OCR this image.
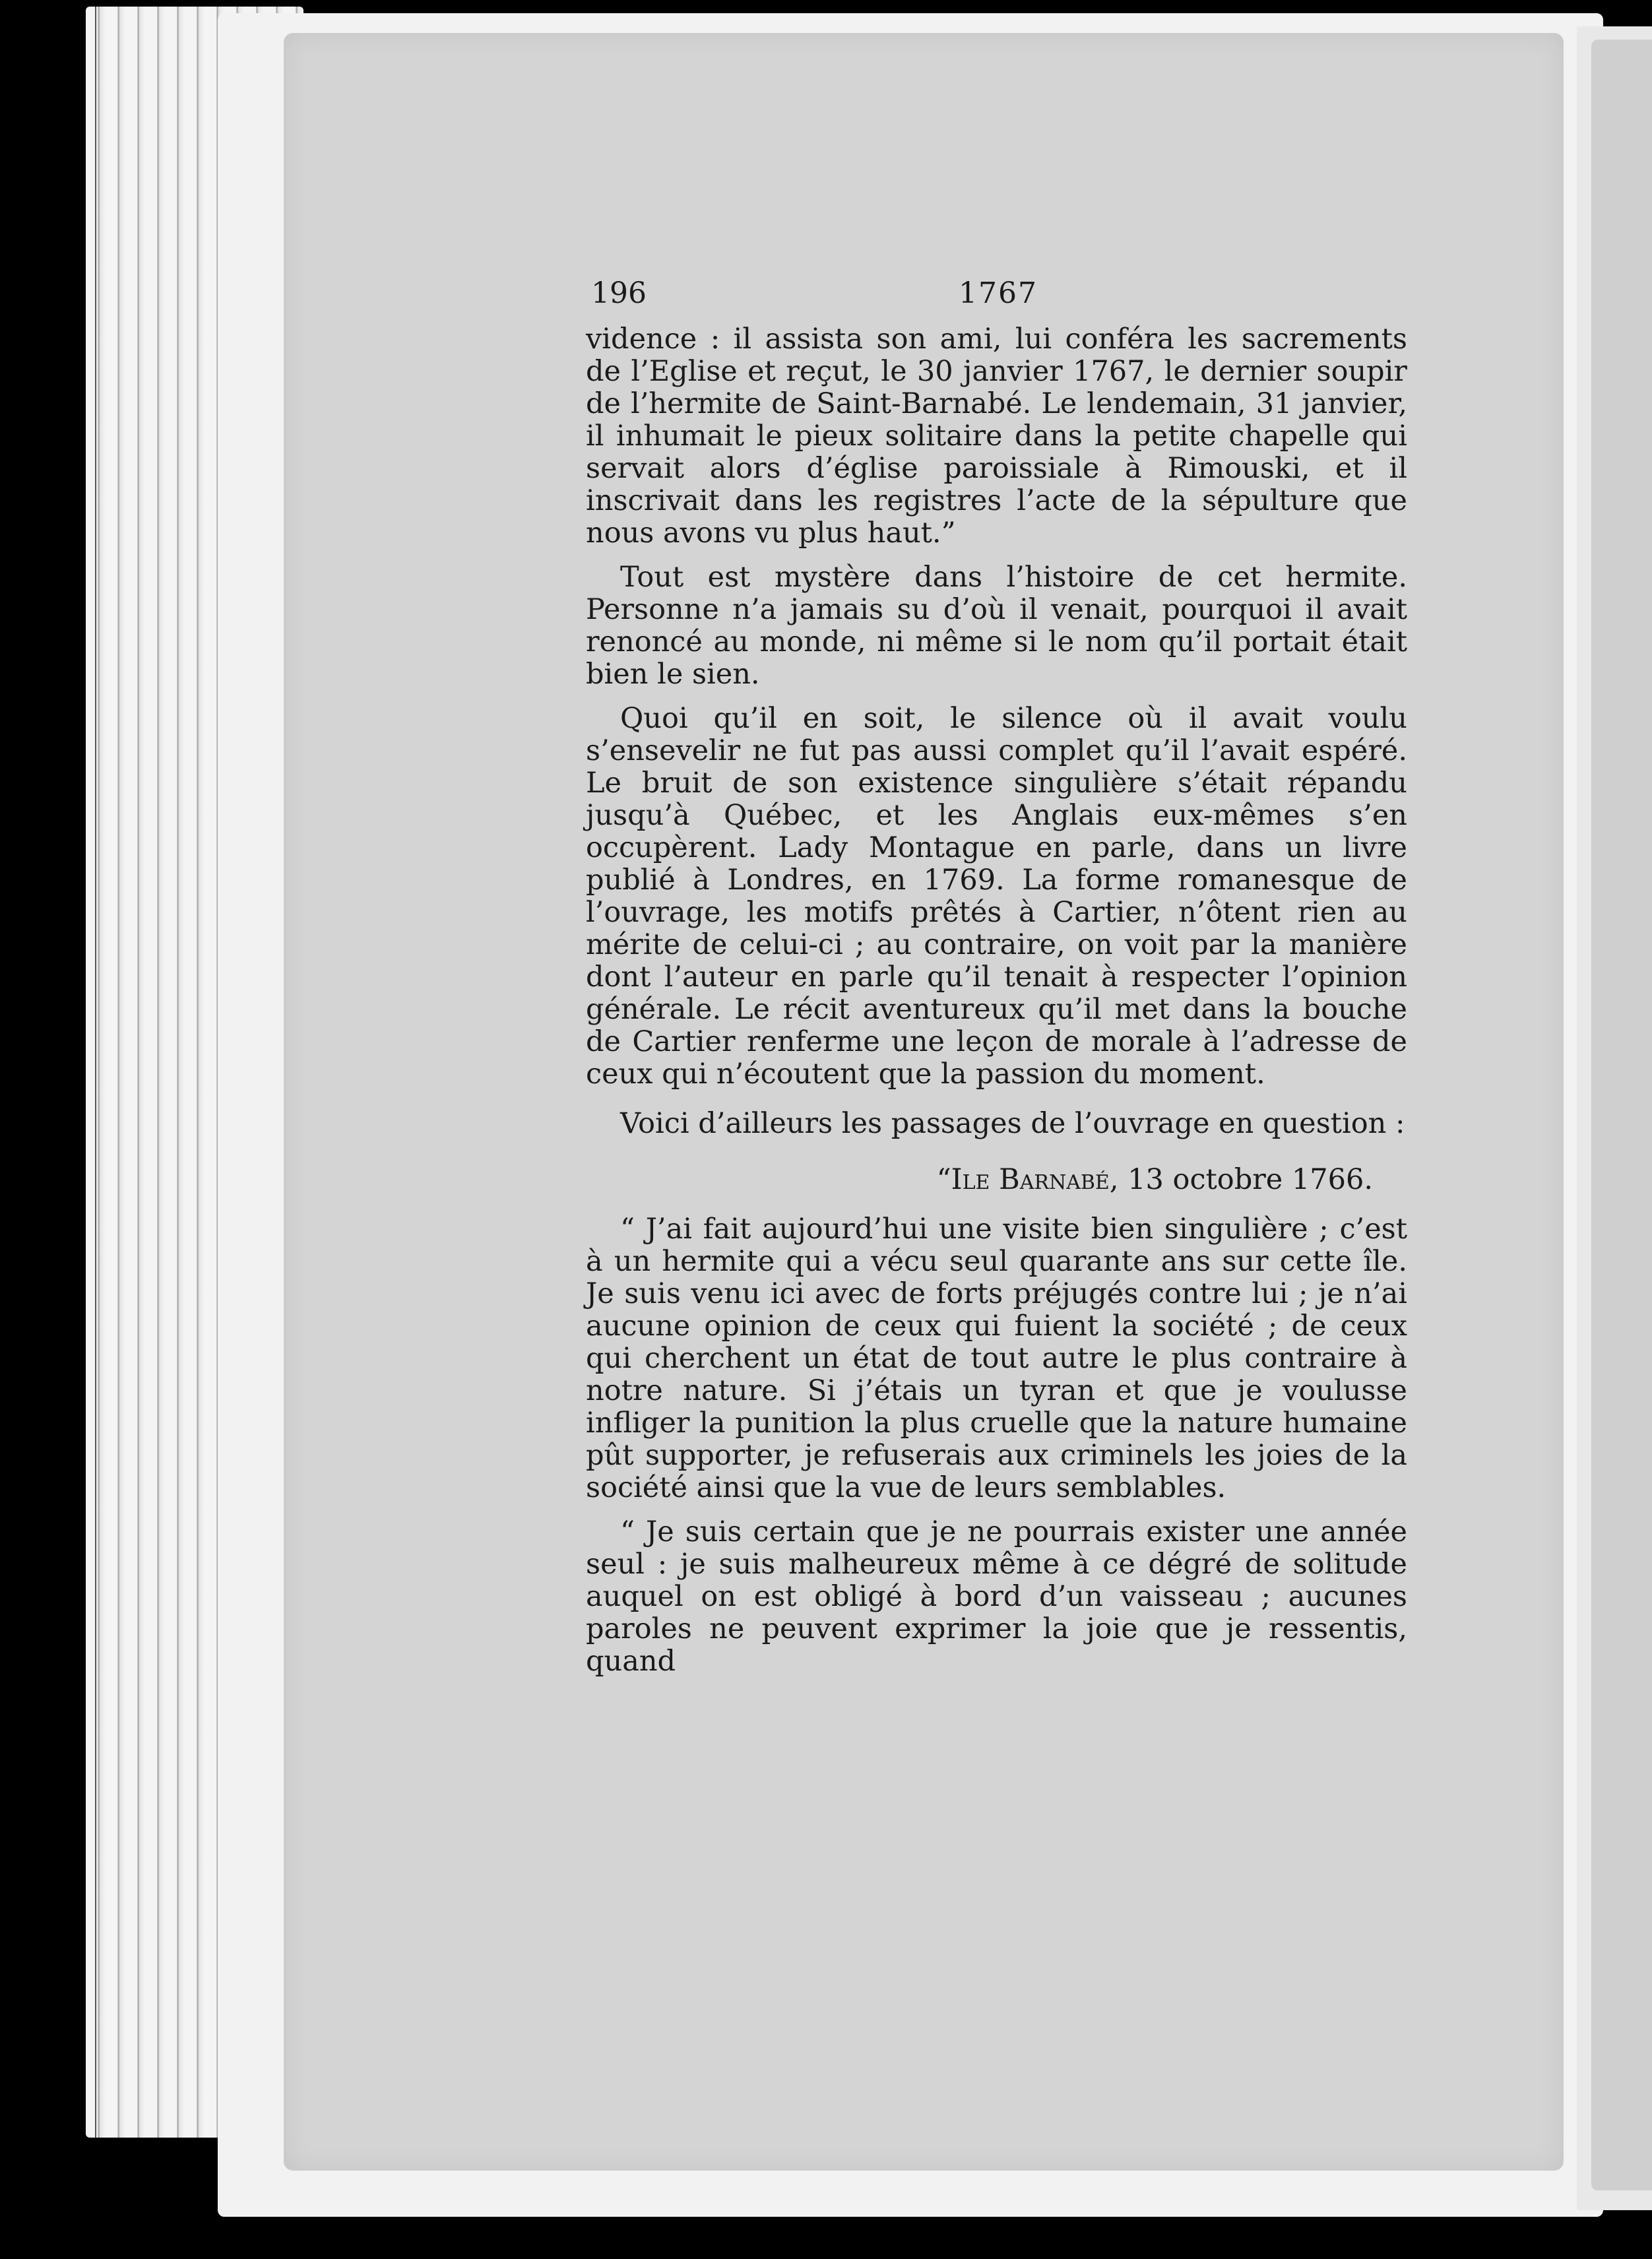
196	1767

vidence : il assista son ami, lui conféra les sacrements de l’Eglise et reçut, le 30 janvier 1767, le dernier soupir de l’hermite de Saint-Barnabé. Le lendemain, 31 janvier, il inhumait le pieux solitaire dans la petite chapelle qui servait alors d’église paroissiale à Rimouski, et il inscrivait dans les registres l’acte de la sépulture que nous avons vu plus haut.”

Tout est mystère dans l’histoire de cet hermite. Personne n’a jamais su d’où il venait, pourquoi il avait renoncé au monde, ni même si le nom qu’il portait était bien le sien.

Quoi qu’il en soit, le silence où il avait voulu s’ensevelir ne fut pas aussi complet qu’il l’avait espéré. Le bruit de son existence singulière s’était répandu jusqu’à Québec, et les Anglais eux-mêmes s’en occupèrent. Lady Montague en parle, dans un livre publié à Londres, en 1769. La forme romanesque de l’ouvrage, les motifs prêtés à Cartier, n’ôtent rien au mérite de celui-ci ; au contraire, on voit par la manière dont l’auteur en parle qu’il tenait à respecter l’opinion générale. Le récit aventureux qu’il met dans la bouche de Cartier renferme une leçon de morale à l’adresse de ceux qui n’écoutent que la passion du moment.

Voici d’ailleurs les passages de l’ouvrage en question :

“Ile Barnabé, 13 octobre 1766.

“ J’ai fait aujourd’hui une visite bien singulière ; c’est à un hermite qui a vécu seul quarante ans sur cette île. Je suis venu ici avec de forts préjugés contre lui ; je n’ai aucune opinion de ceux qui fuient la société ; de ceux qui cherchent un état de tout autre le plus contraire à notre nature. Si j’étais un tyran et que je voulusse infliger la punition la plus cruelle que la nature humaine pût supporter, je refuserais aux criminels les joies de la société ainsi que la vue de leurs semblables.

“ Je suis certain que je ne pourrais exister une année seul : je suis malheureux même à ce dégré de solitude auquel on est obligé à bord d’un vaisseau ; aucunes paroles ne peuvent exprimer la joie que je ressentis, quand
